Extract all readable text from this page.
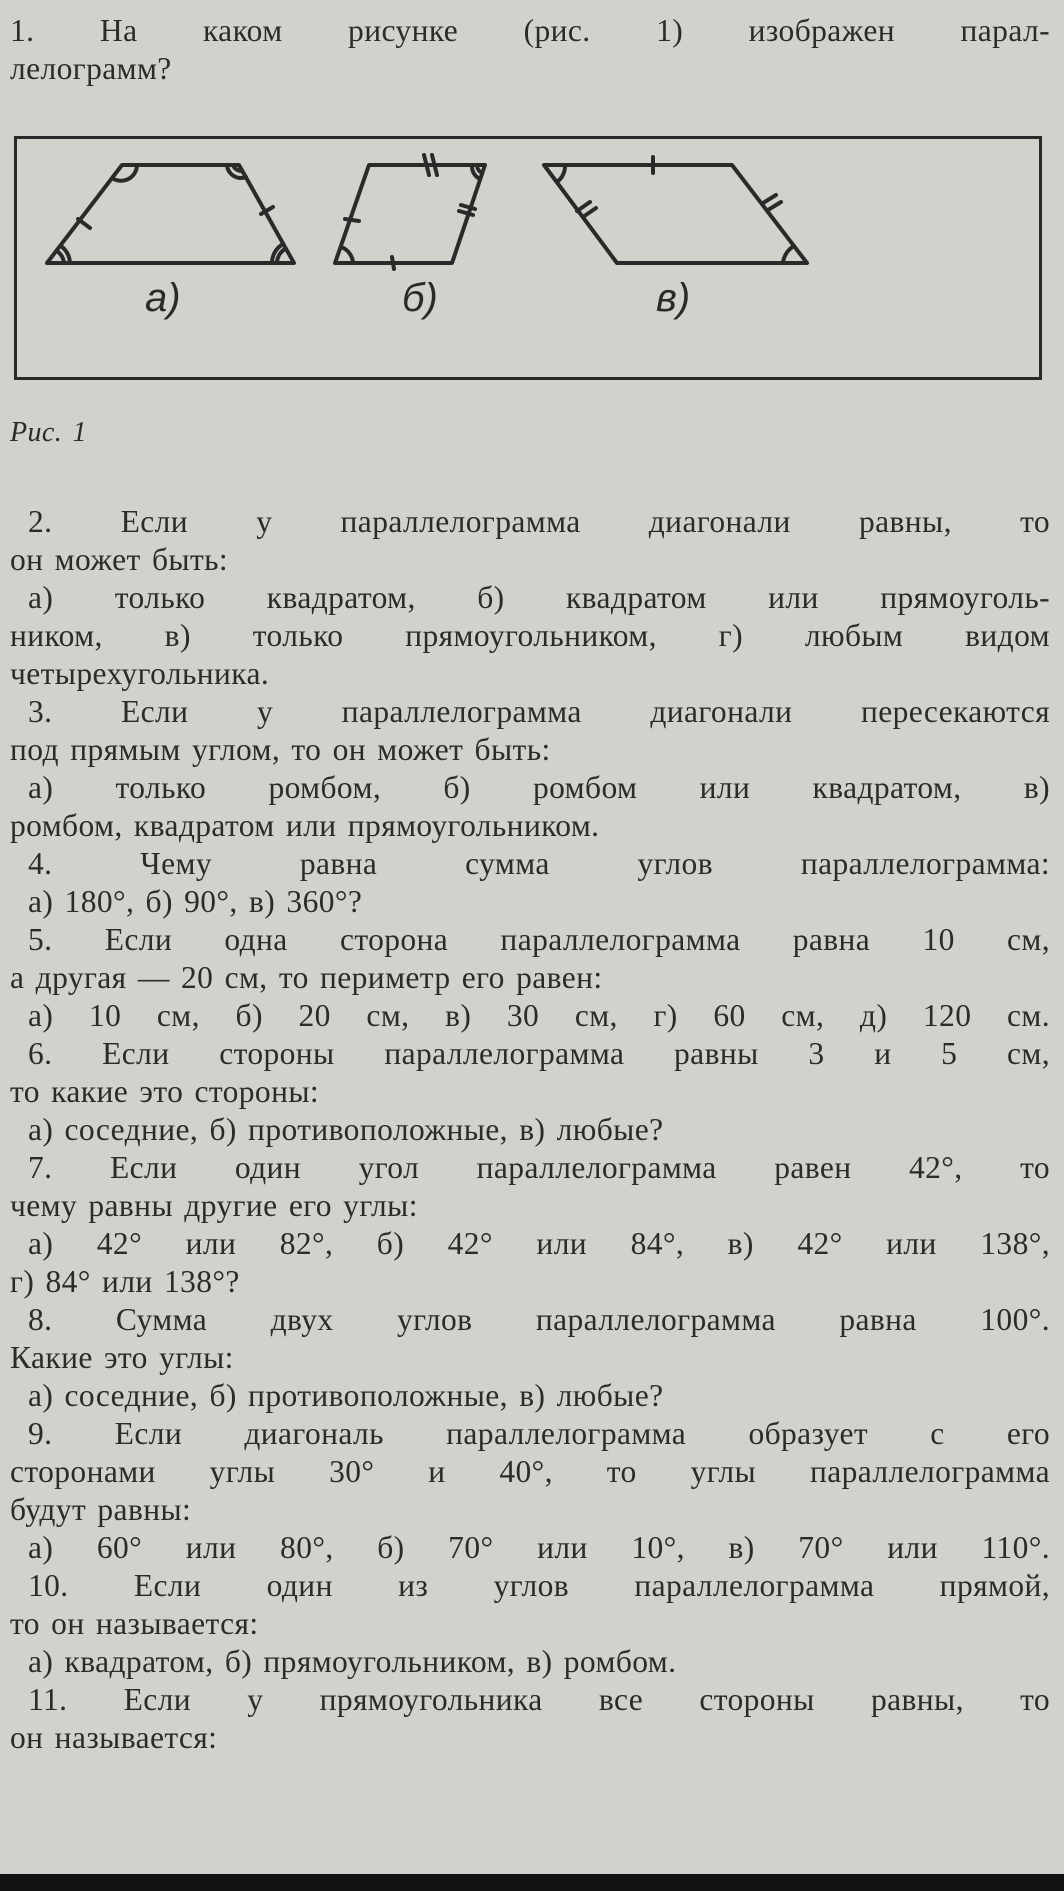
1. На каком рисунке (рис. 1) изображен парал-
лелограмм?
а)	б)	в)
Рис. 1
2. Если у параллелограмма диагонали равны, то
он может быть:
а) только квадратом, б) квадратом или прямоуголь-
ником, в) только прямоугольником, г) любым видом
четырехугольника.
3. Если у параллелограмма диагонали пересекаются
под прямым углом, то он может быть:
а) только ромбом, б) ромбом или квадратом, в)
ромбом, квадратом или прямоугольником.
4. Чему равна сумма углов параллелограмма:
а) 180°, б) 90°, в) 360°?
5. Если одна сторона параллелограмма равна 10 см,
а другая — 20 см, то периметр его равен:
а) 10 см, б) 20 см, в) 30 см, г) 60 см, д) 120 см.
6. Если стороны параллелограмма равны 3 и 5 см,
то какие это стороны:
а) соседние, б) противоположные, в) любые?
7. Если один угол параллелограмма равен 42°, то
чему равны другие его углы:
а) 42° или 82°, б) 42° или 84°, в) 42° или 138°,
г) 84° или 138°?
8. Сумма двух углов параллелограмма равна 100°.
Какие это углы:
а) соседние, б) противоположные, в) любые?
9. Если диагональ параллелограмма образует с его
сторонами углы 30° и 40°, то углы параллелограмма
будут равны:
а) 60° или 80°, б) 70° или 10°, в) 70° или 110°.
10. Если один из углов параллелограмма прямой,
то он называется:
а) квадратом, б) прямоугольником, в) ромбом.
11. Если у прямоугольника все стороны равны, то
он называется:
